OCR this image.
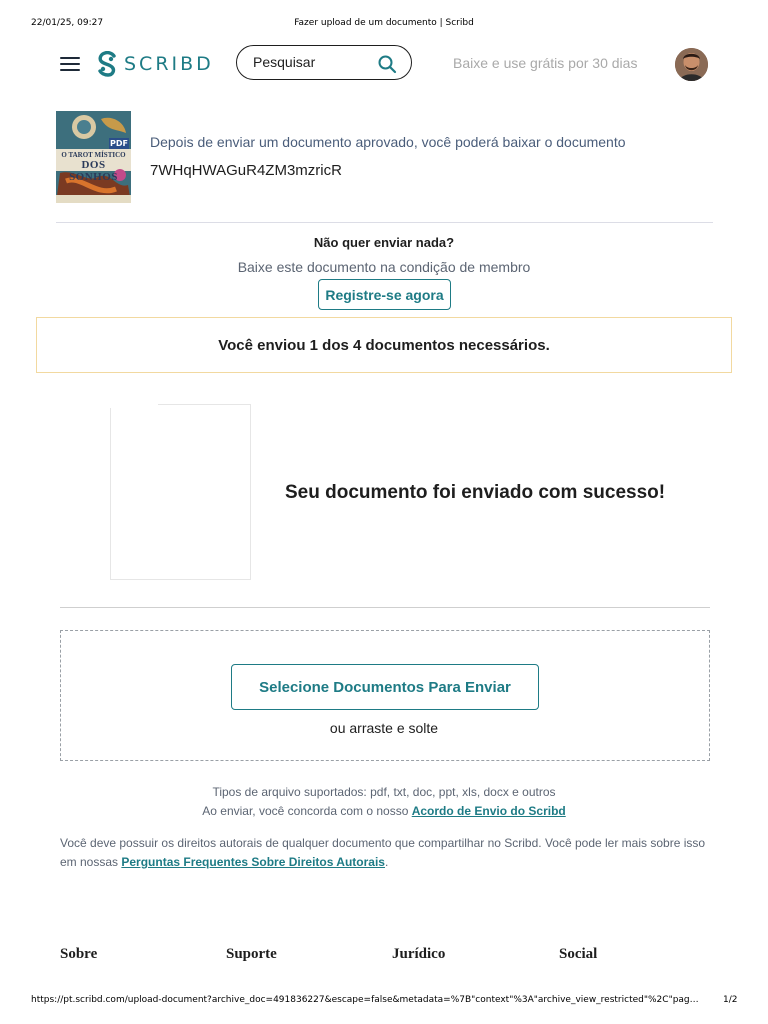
22/01/25, 09:27	Fazer upload de um documento | Scribd
SCRIBD
Pesquisar	Baixe e use grátis por 30 dias
PDF
O TAROT MÍSTICO
DOS SONHOS
Depois de enviar um documento aprovado, você poderá baixar o documento
7WHqHWAGuR4ZM3mzricR
Não quer enviar nada?
Baixe este documento na condição de membro
Registre-se agora
Você enviou 1 dos 4 documentos necessários.
Seu documento foi enviado com sucesso!
Selecione Documentos Para Enviar
ou arraste e solte
Tipos de arquivo suportados: pdf, txt, doc, ppt, xls, docx e outros
Ao enviar, você concorda com o nosso Acordo de Envio do Scribd
Você deve possuir os direitos autorais de qualquer documento que compartilhar no Scribd. Você pode ler mais sobre isso em nossas Perguntas Frequentes Sobre Direitos Autorais.
Sobre	Suporte	Jurídico	Social
https://pt.scribd.com/upload-document?archive_doc=491836227&escape=false&metadata=%7B"context"%3A"archive_view_restricted"%2C"pag…	1/2
